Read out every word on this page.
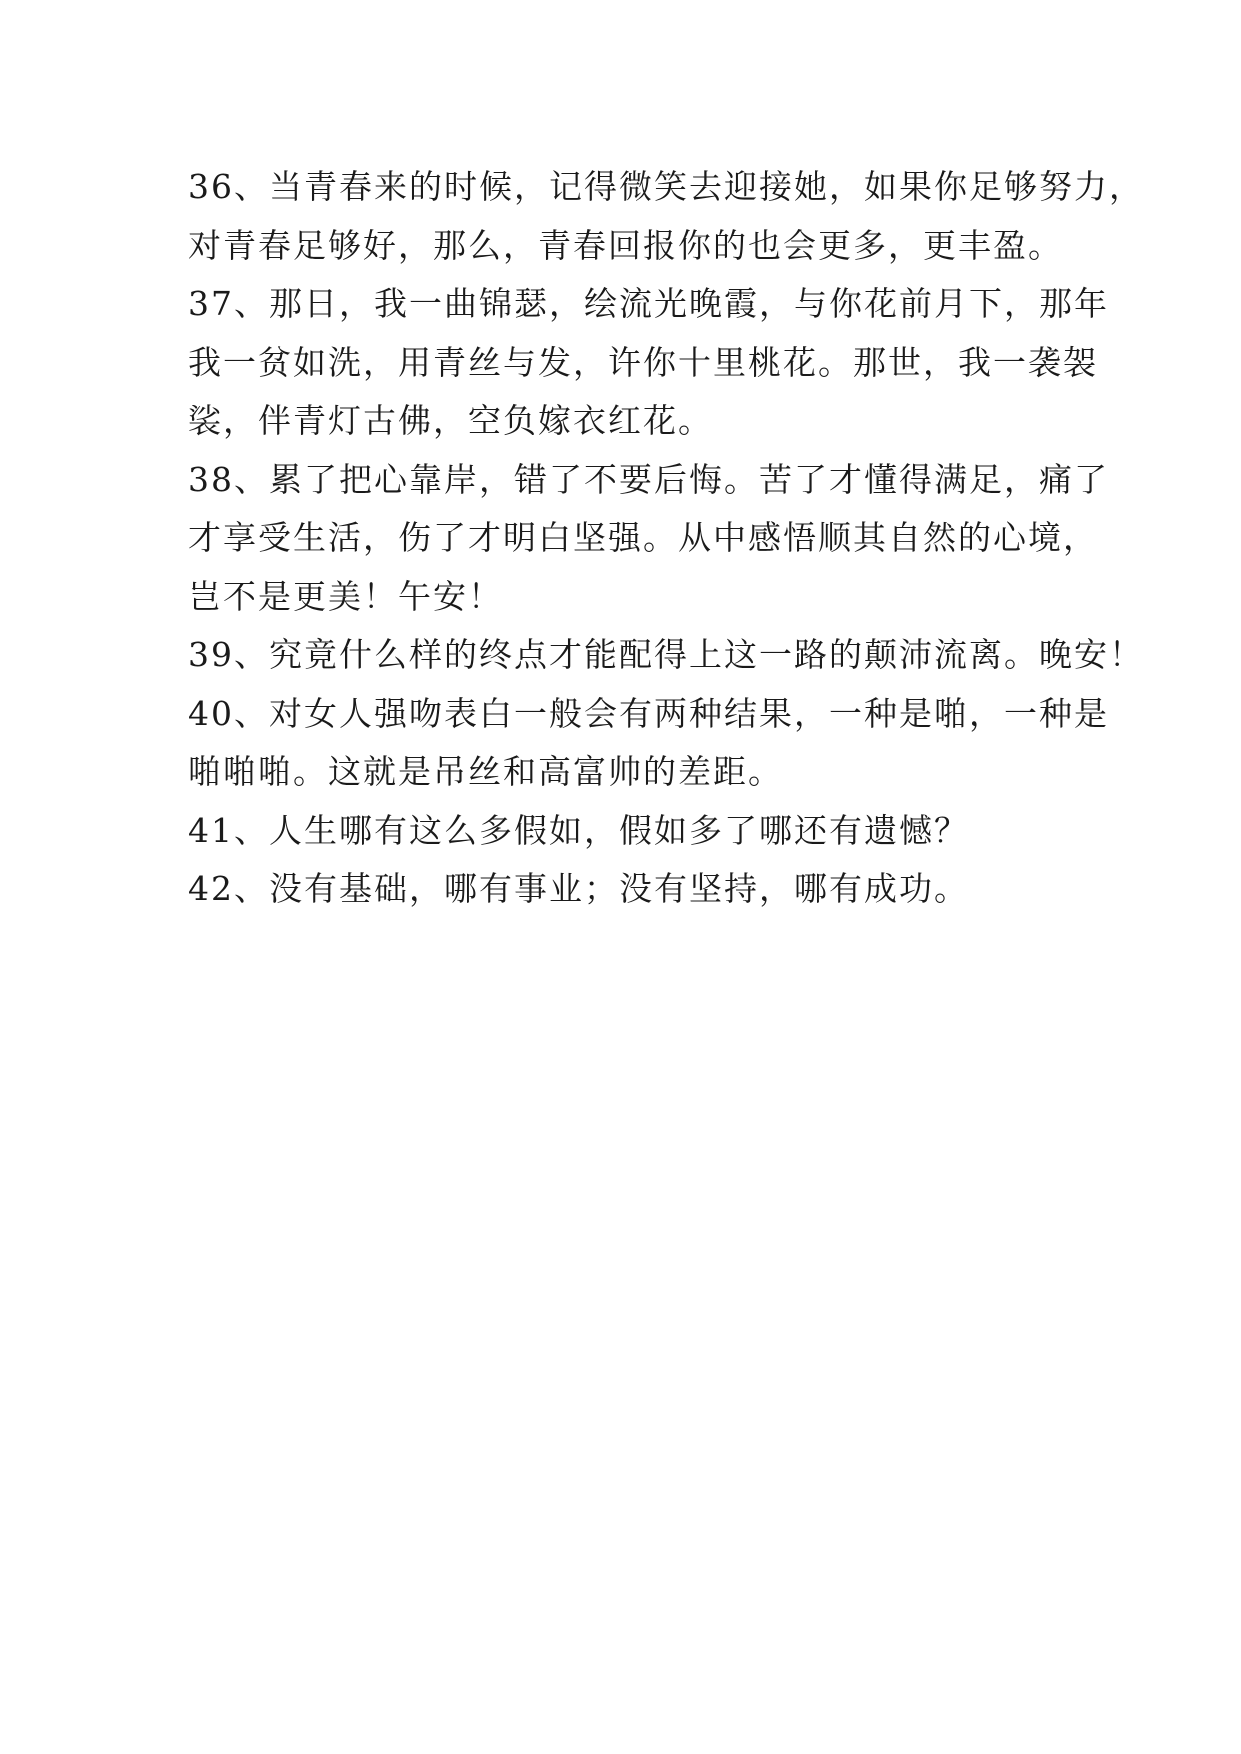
36、当青春来的时候，记得微笑去迎接她，如果你足够努力，
对青春足够好，那么，青春回报你的也会更多，更丰盈。
37、那日，我一曲锦瑟，绘流光晚霞，与你花前月下，那年
我一贫如洗，用青丝与发，许你十里桃花。那世，我一袭袈
裟，伴青灯古佛，空负嫁衣红花。
38、累了把心靠岸，错了不要后悔。苦了才懂得满足，痛了
才享受生活，伤了才明白坚强。从中感悟顺其自然的心境，
岂不是更美！午安！
39、究竟什么样的终点才能配得上这一路的颠沛流离。晚安！
40、对女人强吻表白一般会有两种结果，一种是啪，一种是
啪啪啪。这就是吊丝和高富帅的差距。
41、人生哪有这么多假如，假如多了哪还有遗憾？
42、没有基础，哪有事业；没有坚持，哪有成功。
